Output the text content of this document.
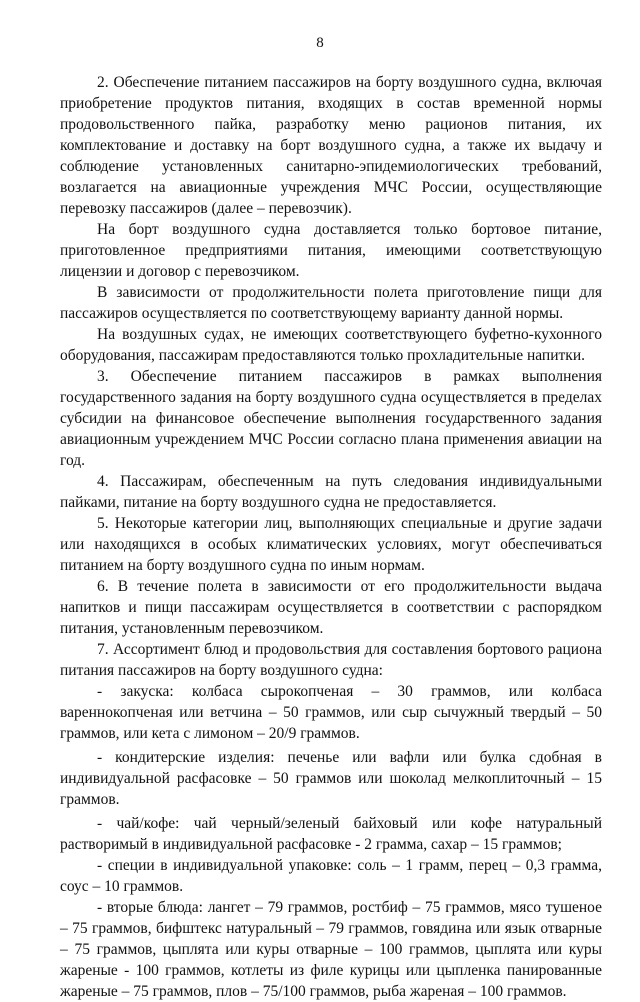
8

2. Обеспечение питанием пассажиров на борту воздушного судна, включая приобретение продуктов питания, входящих в состав временной нормы продовольственного пайка, разработку меню рационов питания, их комплектование и доставку на борт воздушного судна, а также их выдачу и соблюдение установленных санитарно-эпидемиологических требований, возлагается на авиационные учреждения МЧС России, осуществляющие перевозку пассажиров (далее – перевозчик).

На борт воздушного судна доставляется только бортовое питание, приготовленное предприятиями питания, имеющими соответствующую лицензии и договор с перевозчиком.

В зависимости от продолжительности полета приготовление пищи для пассажиров осуществляется по соответствующему варианту данной нормы.

На воздушных судах, не имеющих соответствующего буфетно-кухонного оборудования, пассажирам предоставляются только прохладительные напитки.

3. Обеспечение питанием пассажиров в рамках выполнения государственного задания на борту воздушного судна осуществляется в пределах субсидии на финансовое обеспечение выполнения государственного задания авиационным учреждением МЧС России согласно плана применения авиации на год.

4. Пассажирам, обеспеченным на путь следования индивидуальными пайками, питание на борту воздушного судна не предоставляется.

5. Некоторые категории лиц, выполняющих специальные и другие задачи или находящихся в особых климатических условиях, могут обеспечиваться питанием на борту воздушного судна по иным нормам.

6. В течение полета в зависимости от его продолжительности выдача напитков и пищи пассажирам осуществляется в соответствии с распорядком питания, установленным перевозчиком.

7. Ассортимент блюд и продовольствия для составления бортового рациона питания пассажиров на борту воздушного судна:

- закуска: колбаса сырокопченая – 30 граммов, или колбаса вареннокопченая или ветчина – 50 граммов, или сыр сычужный твердый – 50 граммов, или кета с лимоном – 20/9 граммов.

- кондитерские изделия: печенье или вафли или булка сдобная в индивидуальной расфасовке – 50 граммов или шоколад мелкоплиточный – 15 граммов.

- чай/кофе: чай черный/зеленый байховый или кофе натуральный растворимый в индивидуальной расфасовке - 2 грамма, сахар – 15 граммов;

- специи в индивидуальной упаковке: соль – 1 грамм, перец – 0,3 грамма, соус – 10 граммов.

- вторые блюда: лангет – 79 граммов, ростбиф – 75 граммов, мясо тушеное – 75 граммов, бифштекс натуральный – 79 граммов, говядина или язык отварные – 75 граммов, цыплята или куры отварные – 100 граммов, цыплята или куры жареные - 100 граммов, котлеты из филе курицы или цыпленка панированные жареные – 75 граммов, плов – 75/100 граммов, рыба жареная – 100 граммов.
